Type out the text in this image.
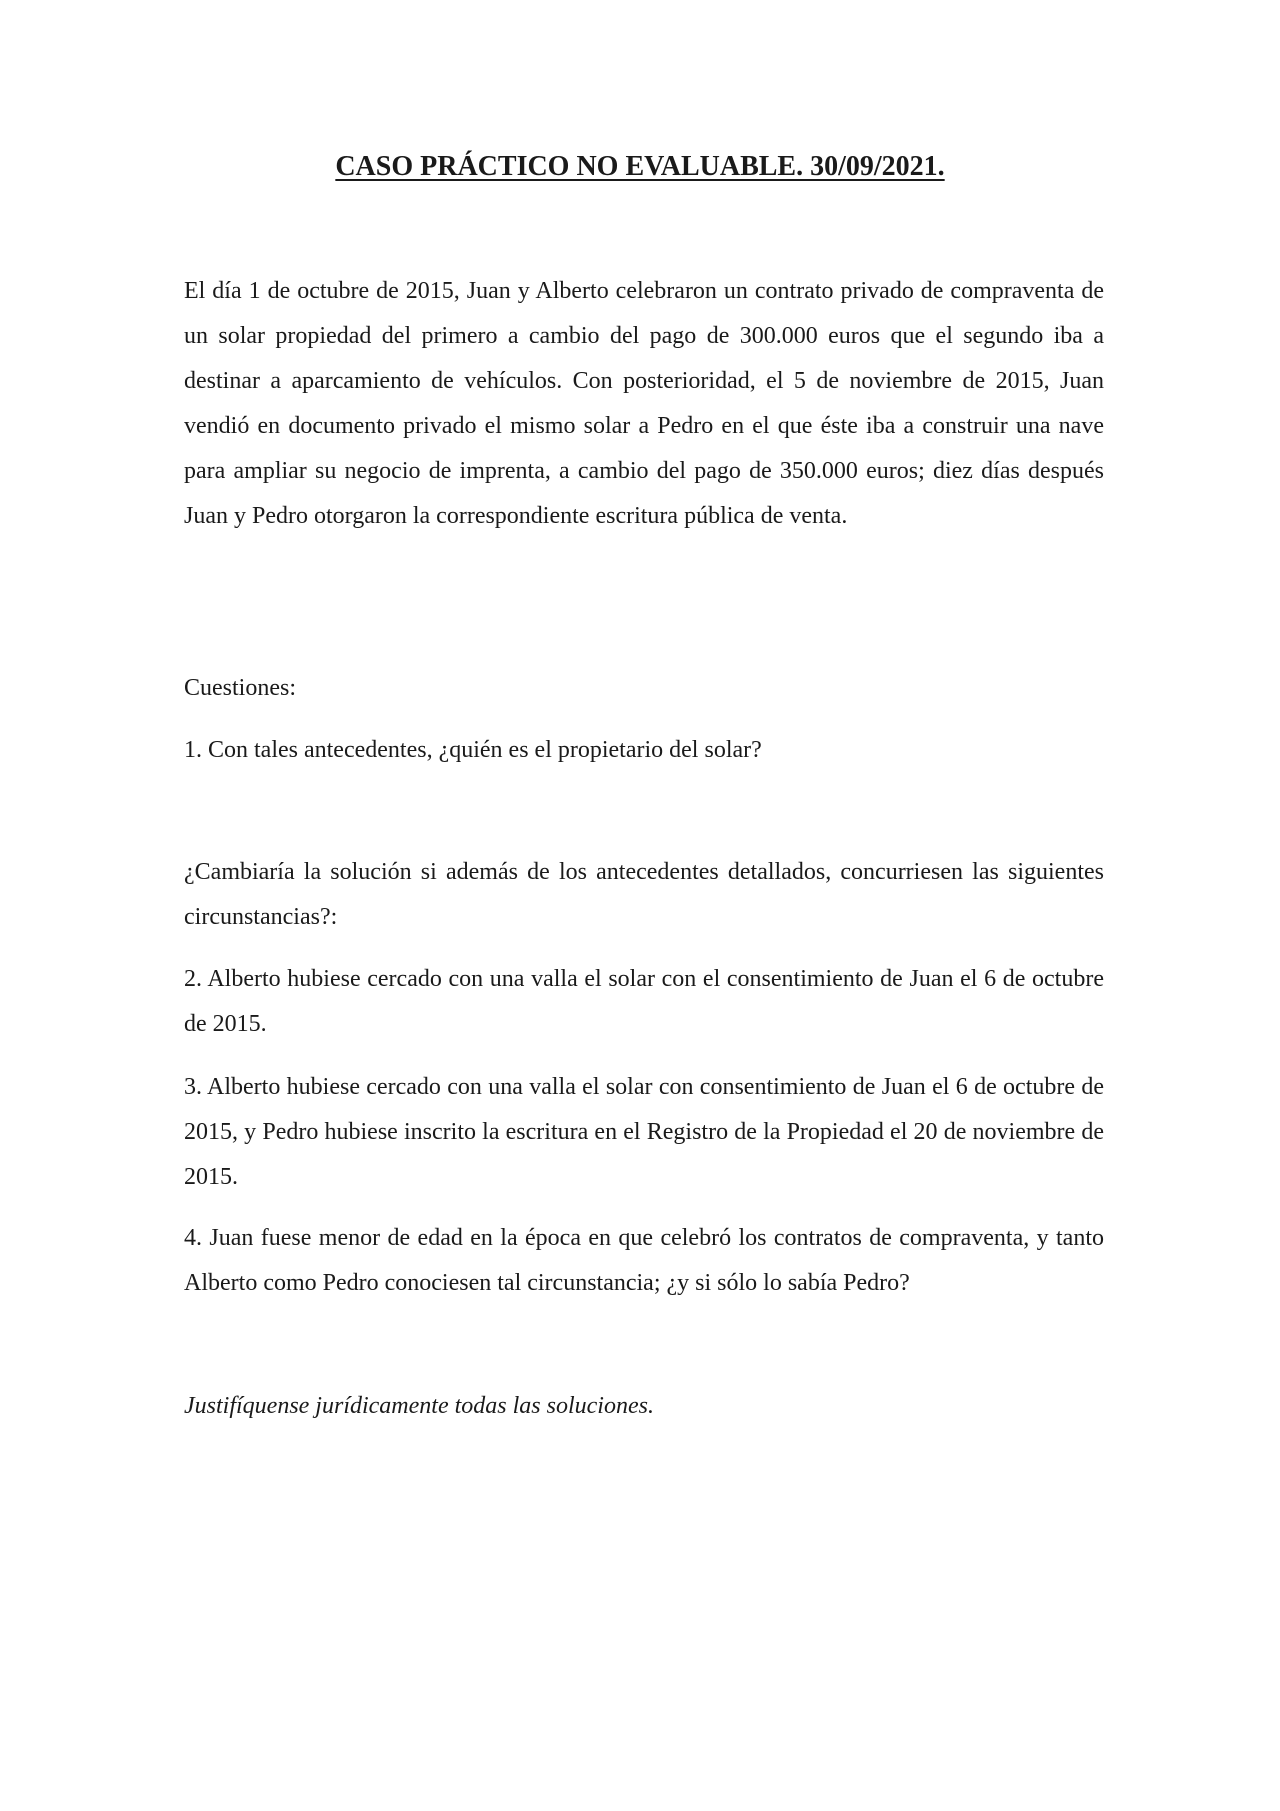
CASO PRÁCTICO NO EVALUABLE. 30/09/2021.

El día 1 de octubre de 2015, Juan y Alberto celebraron un contrato privado de compraventa de un solar propiedad del primero a cambio del pago de 300.000 euros que el segundo iba a destinar a aparcamiento de vehículos. Con posterioridad, el 5 de noviembre de 2015, Juan vendió en documento privado el mismo solar a Pedro en el que éste iba a construir una nave para ampliar su negocio de imprenta, a cambio del pago de 350.000 euros; diez días después Juan y Pedro otorgaron la correspondiente escritura pública de venta.

Cuestiones:

1. Con tales antecedentes, ¿quién es el propietario del solar?

¿Cambiaría la solución si además de los antecedentes detallados, concurriesen las siguientes circunstancias?:

2. Alberto hubiese cercado con una valla el solar con el consentimiento de Juan el 6 de octubre de 2015.

3. Alberto hubiese cercado con una valla el solar con consentimiento de Juan el 6 de octubre de 2015, y Pedro hubiese inscrito la escritura en el Registro de la Propiedad el 20 de noviembre de 2015.

4. Juan fuese menor de edad en la época en que celebró los contratos de compraventa, y tanto Alberto como Pedro conociesen tal circunstancia; ¿y si sólo lo sabía Pedro?

Justifíquense jurídicamente todas las soluciones.
